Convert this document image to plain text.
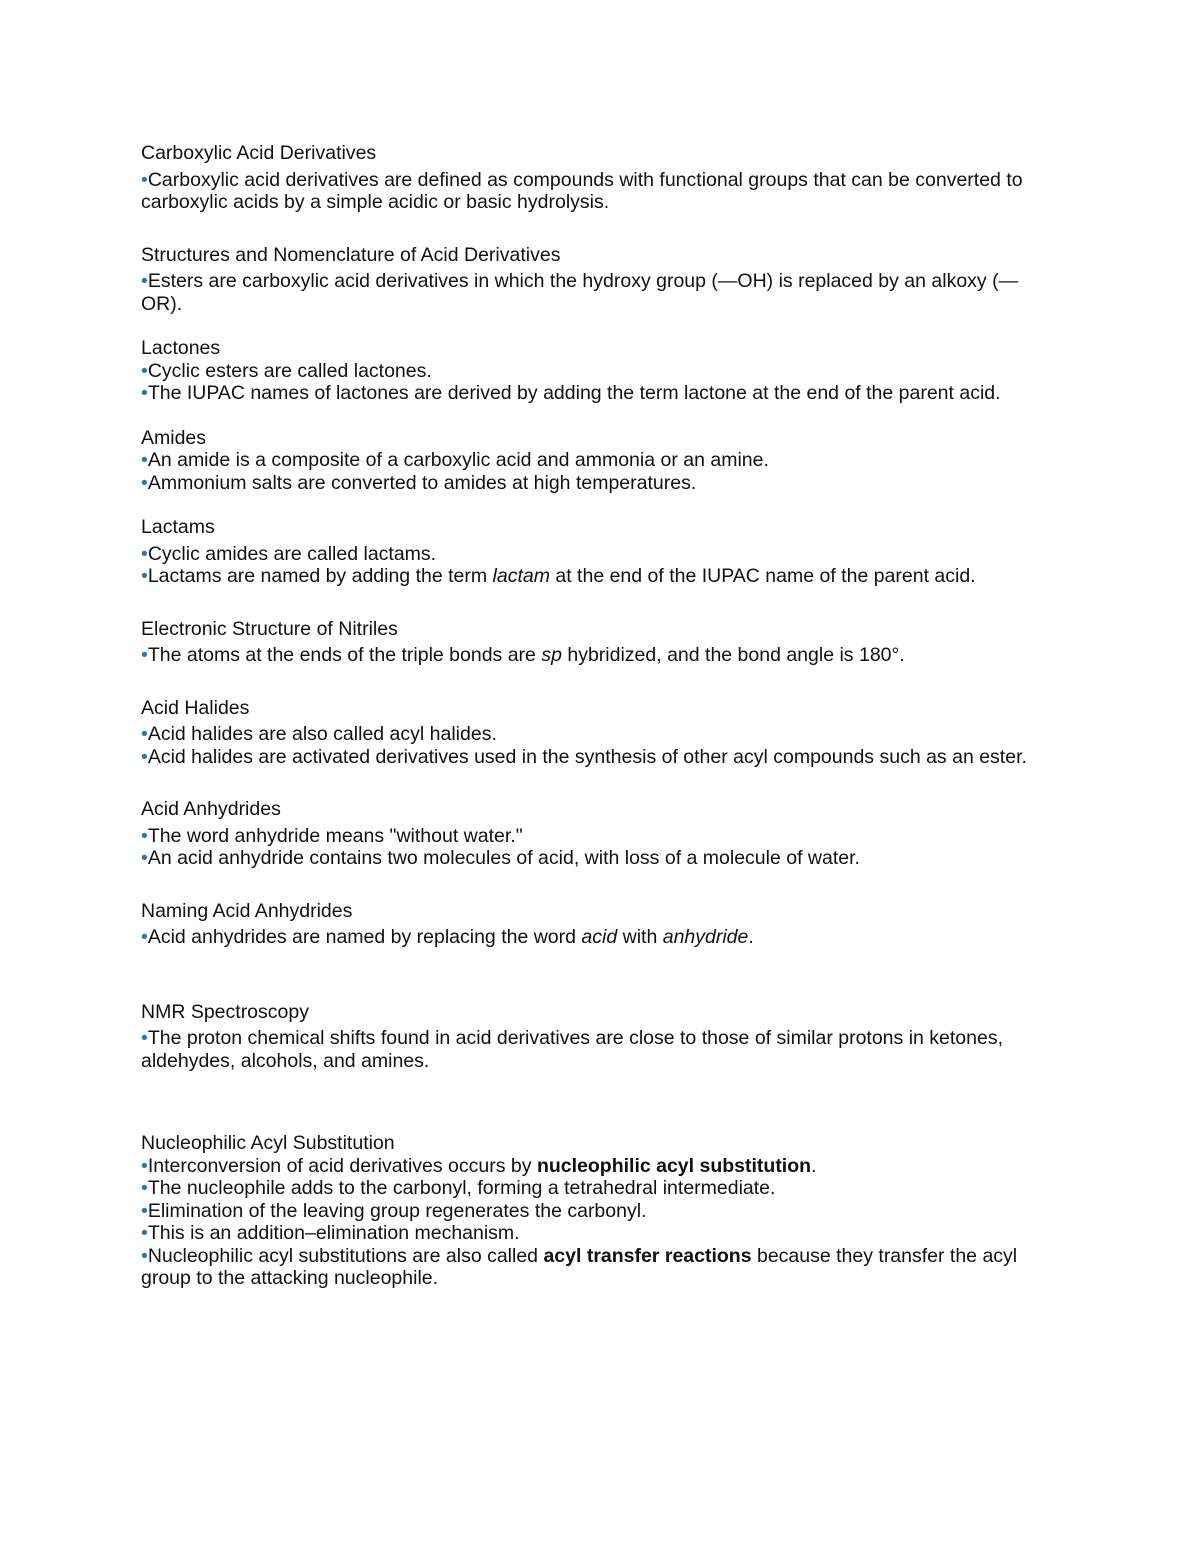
Carboxylic Acid Derivatives
•Carboxylic acid derivatives are defined as compounds with functional groups that can be converted to carboxylic acids by a simple acidic or basic hydrolysis.
Structures and Nomenclature of Acid Derivatives
•Esters are carboxylic acid derivatives in which the hydroxy group (—OH) is replaced by an alkoxy (—OR).
Lactones
•Cyclic esters are called lactones.
•The IUPAC names of lactones are derived by adding the term lactone at the end of the parent acid.
Amides
•An amide is a composite of a carboxylic acid and ammonia or an amine.
•Ammonium salts are converted to amides at high temperatures.
Lactams
•Cyclic amides are called lactams.
•Lactams are named by adding the term lactam at the end of the IUPAC name of the parent acid.
Electronic Structure of Nitriles
•The atoms at the ends of the triple bonds are sp hybridized, and the bond angle is 180°.
Acid Halides
•Acid halides are also called acyl halides.
•Acid halides are activated derivatives used in the synthesis of other acyl compounds such as an ester.
Acid Anhydrides
•The word anhydride means "without water."
•An acid anhydride contains two molecules of acid, with loss of a molecule of water.
Naming Acid Anhydrides
•Acid anhydrides are named by replacing the word acid with anhydride.
NMR Spectroscopy
•The proton chemical shifts found in acid derivatives are close to those of similar protons in ketones, aldehydes, alcohols, and amines.
Nucleophilic Acyl Substitution
•Interconversion of acid derivatives occurs by nucleophilic acyl substitution.
•The nucleophile adds to the carbonyl, forming a tetrahedral intermediate.
•Elimination of the leaving group regenerates the carbonyl.
•This is an addition–elimination mechanism.
•Nucleophilic acyl substitutions are also called acyl transfer reactions because they transfer the acyl group to the attacking nucleophile.
